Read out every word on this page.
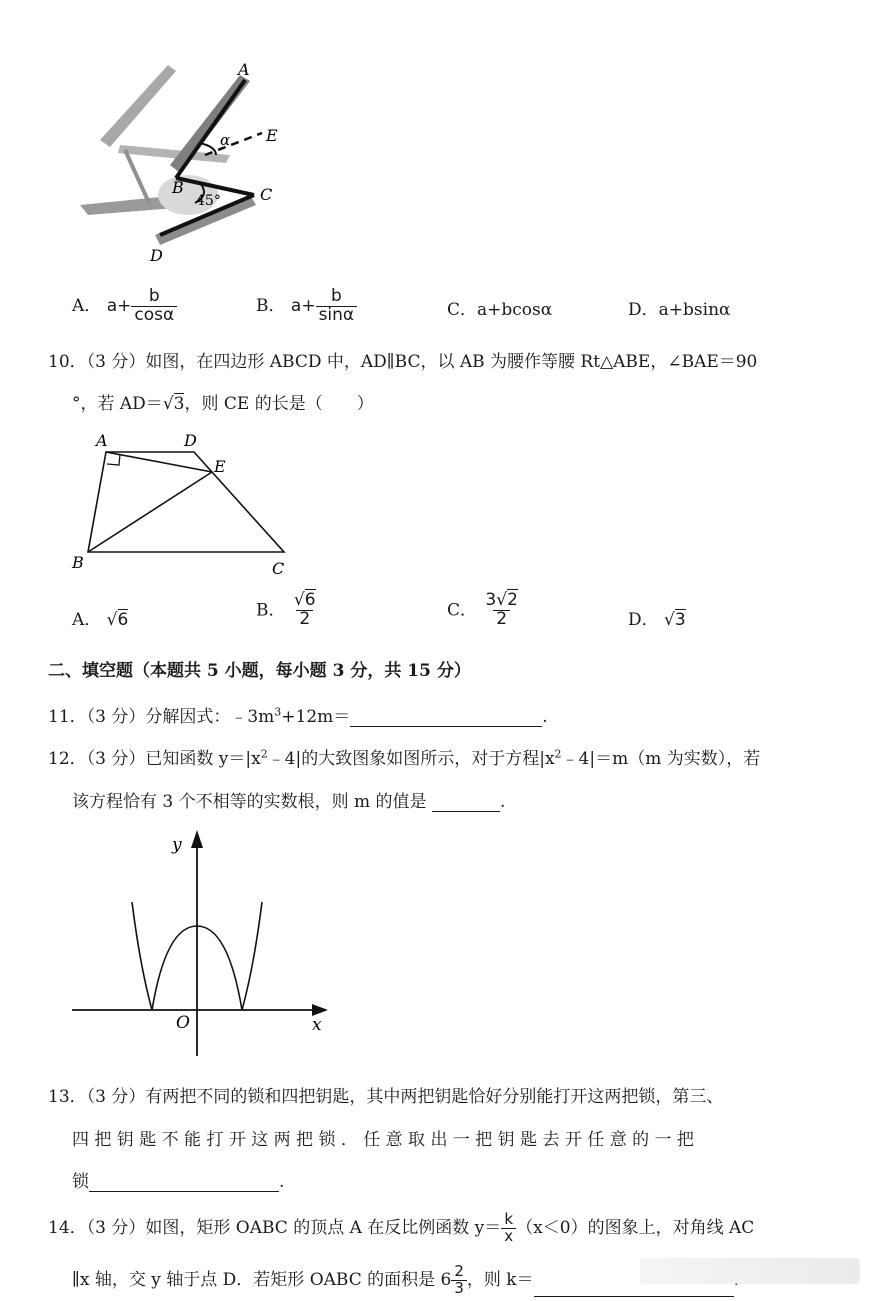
A
α E
B
45° C
D
A． $a+ \frac{b}{\cos\alpha}$	B． $a+ \frac{b}{\sin\alpha}$	C．a+bcosα	D．a+bsinα
10．（3 分）如图，在四边形 ABCD 中，AD∥BC，以 AB 为腰作等腰 Rt△ABE，∠BAE＝90
°，若 AD＝√3，则 CE 的长是（　　）
A	D
E
B	C
A． √6	B． $\frac{√6}{2}$	C． $\frac{3√2}{2}$	D． √3
二、填空题（本题共 5 小题，每小题 3 分，共 15 分）
11．（3 分）分解因式：$﹣3m^3+12m=$	.
12．（3 分）已知函数 $y=|x^2﹣4|$的大致图象如图所示，对于方程$|x^2﹣4|=m(m$ 为实数），若
该方程恰有 3 个不相等的实数根，则 m 的值是	.
y
x
O
13．（3 分）有两把不同的锁和四把钥匙，其中两把钥匙恰好分别能打开这两把锁，第三、
四 把 钥 匙 不 能 打 开 这 两 把 锁 ． 任 意 取 出 一 把 钥 匙 去 开 任 意 的 一 把
锁	.
14．（3 分）如图，矩形 OABC 的顶点 A 在反比例函数 $y= \frac{k}{x} (x<0)$的图象上，对角线 AC
∥x 轴，交 y 轴于点 D．若矩形 OABC 的面积是 $6 \frac{2}{3}$ ，则 k＝
